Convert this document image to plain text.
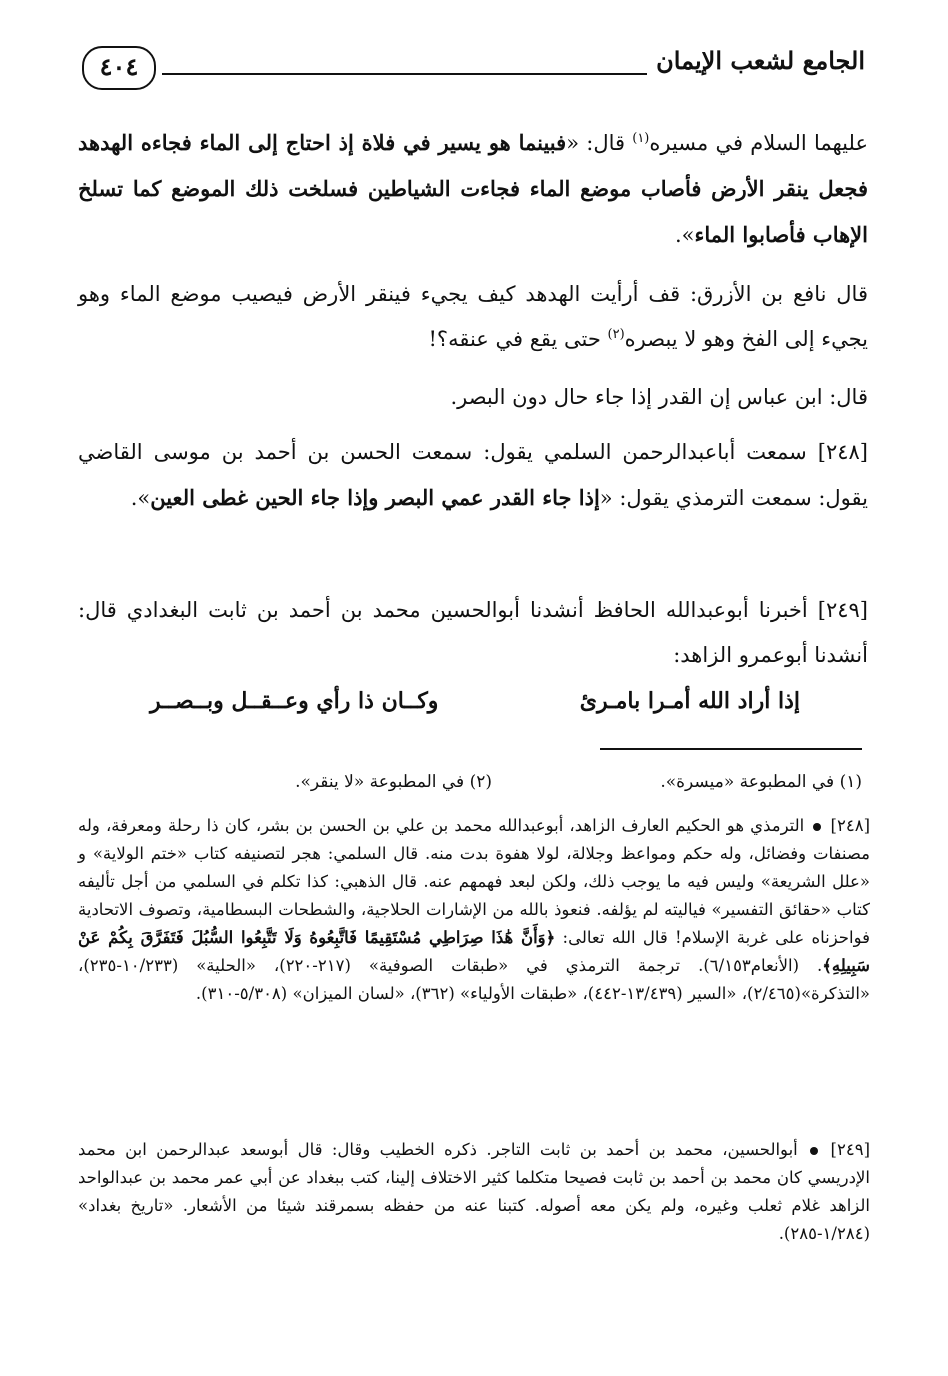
الجامع لشعب الإيمان
٤٠٤

عليهما السلام في مسيره$^{(١)}$ قال: «فبينما هو يسير في فلاة إذ احتاج إلى الماء فجاءه الهدهد فجعل ينقر الأرض فأصاب موضع الماء فجاءت الشياطين فسلخت ذلك الموضع كما تسلخ الإهاب فأصابوا الماء».

قال نافع بن الأزرق: قف أرأيت الهدهد كيف يجيء فينقر الأرض فيصيب موضع الماء وهو يجيء إلى الفخ وهو لا يبصره$^{(٢)}$ حتى يقع في عنقه؟!

قال: ابن عباس إن القدر إذا جاء حال دون البصر.

[٢٤٨] سمعت أباعبدالرحمن السلمي يقول: سمعت الحسن بن أحمد بن موسى القاضي يقول: سمعت الترمذي يقول: «إذا جاء القدر عمي البصر وإذا جاء الحين غطى العين».

[٢٤٩] أخبرنا أبوعبدالله الحافظ أنشدنا أبوالحسين محمد بن أحمد بن ثابت البغدادي قال: أنشدنا أبوعمرو الزاهد:

إذا أراد الله أمـرا بامـرئ
وكــان ذا رأي وعــقــل وبــصــر
(١) في المطبوعة «ميسرة».
(٢) في المطبوعة «لا ينقر».

[٢٤٨]  الترمذي هو الحكيم العارف الزاهد، أبوعبدالله محمد بن علي بن الحسن بن بشر، كان ذا رحلة ومعرفة، وله مصنفات وفضائل، وله حكم ومواعظ وجلالة، لولا هفوة بدت منه. قال السلمي: هجر لتصنيفه كتاب «ختم الولاية» و «علل الشريعة» وليس فيه ما يوجب ذلك، ولكن لبعد فهمهم عنه. قال الذهبي: كذا تكلم في السلمي من أجل تأليفه كتاب «حقائق التفسير» فياليته لم يؤلفه. فنعوذ بالله من الإشارات الحلاجية، والشطحات البسطامية، وتصوف الاتحادية فواحزناه على غربة الإسلام! قال الله تعالى: ﴿وَأَنَّ هَٰذَا صِرَاطِي مُسْتَقِيمًا فَاتَّبِعُوهُ وَلَا تَتَّبِعُوا السُّبُلَ فَتَفَرَّقَ بِكُمْ عَنْ سَبِيلِهِ﴾. (الأنعام٦/١٥٣). ترجمة الترمذي في «طبقات الصوفية» (٢١٧-٢٢٠)، «الحلية» (١٠/٢٣٣-٢٣٥)، «التذكرة»(٢/٤٦٥)، «السير (١٣/٤٣٩-٤٤٢)، «طبقات الأولياء» (٣٦٢)، «لسان الميزان» (٥/٣٠٨-٣١٠).

[٢٤٩]  أبوالحسين، محمد بن أحمد بن ثابت التاجر. ذكره الخطيب وقال: قال أبوسعد عبدالرحمن ابن محمد الإدريسي كان محمد بن أحمد بن ثابت فصيحا متكلما كثير الاختلاف إلينا، كتب ببغداد عن أبي عمر محمد بن عبدالواحد الزاهد غلام ثعلب وغيره، ولم يكن معه أصوله. كتبنا عنه من حفظه بسمرقند شيئا من الأشعار. «تاريخ بغداد» (١/٢٨٤-٢٨٥).
